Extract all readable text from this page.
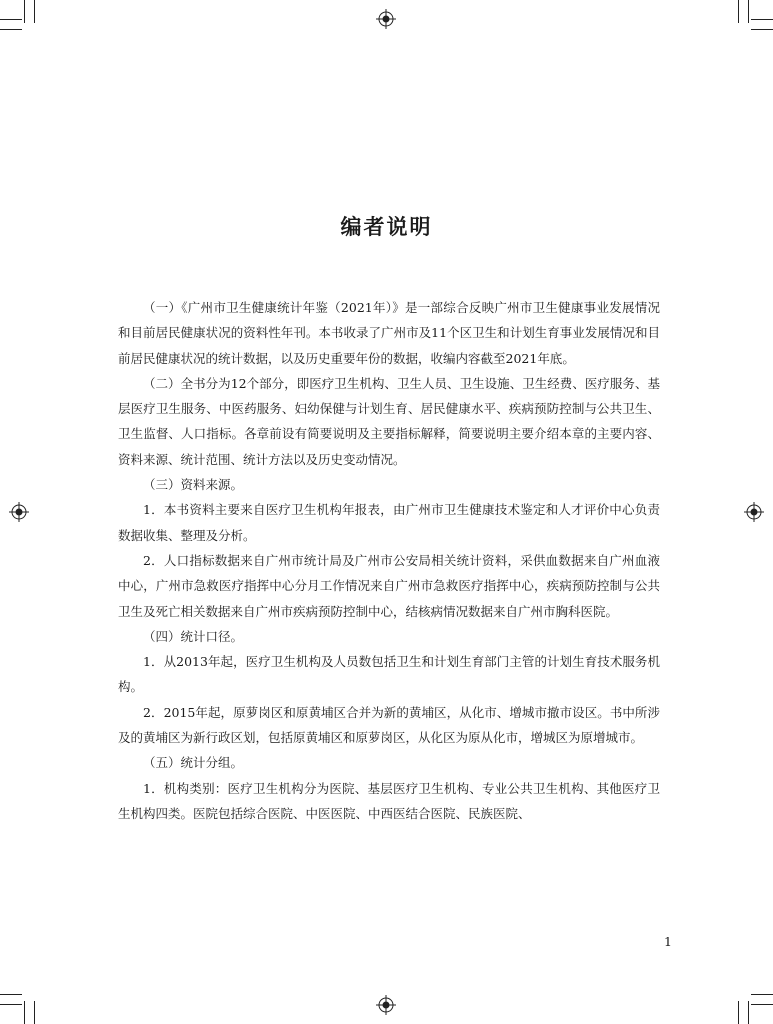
编者说明

（一）《广州市卫生健康统计年鉴（2021年）》是一部综合反映广州市卫生健康事业发展情况和目前居民健康状况的资料性年刊。本书收录了广州市及11个区卫生和计划生育事业发展情况和目前居民健康状况的统计数据，以及历史重要年份的数据，收编内容截至2021年底。

（二）全书分为12个部分，即医疗卫生机构、卫生人员、卫生设施、卫生经费、医疗服务、基层医疗卫生服务、中医药服务、妇幼保健与计划生育、居民健康水平、疾病预防控制与公共卫生、卫生监督、人口指标。各章前设有简要说明及主要指标解释，简要说明主要介绍本章的主要内容、资料来源、统计范围、统计方法以及历史变动情况。

（三）资料来源。

1．本书资料主要来自医疗卫生机构年报表，由广州市卫生健康技术鉴定和人才评价中心负责数据收集、整理及分析。

2．人口指标数据来自广州市统计局及广州市公安局相关统计资料，采供血数据来自广州血液中心，广州市急救医疗指挥中心分月工作情况来自广州市急救医疗指挥中心，疾病预防控制与公共卫生及死亡相关数据来自广州市疾病预防控制中心，结核病情况数据来自广州市胸科医院。

（四）统计口径。

1．从2013年起，医疗卫生机构及人员数包括卫生和计划生育部门主管的计划生育技术服务机构。

2．2015年起，原萝岗区和原黄埔区合并为新的黄埔区，从化市、增城市撤市设区。书中所涉及的黄埔区为新行政区划，包括原黄埔区和原萝岗区，从化区为原从化市，增城区为原增城市。

（五）统计分组。

1．机构类别：医疗卫生机构分为医院、基层医疗卫生机构、专业公共卫生机构、其他医疗卫生机构四类。医院包括综合医院、中医医院、中西医结合医院、民族医院、

1
